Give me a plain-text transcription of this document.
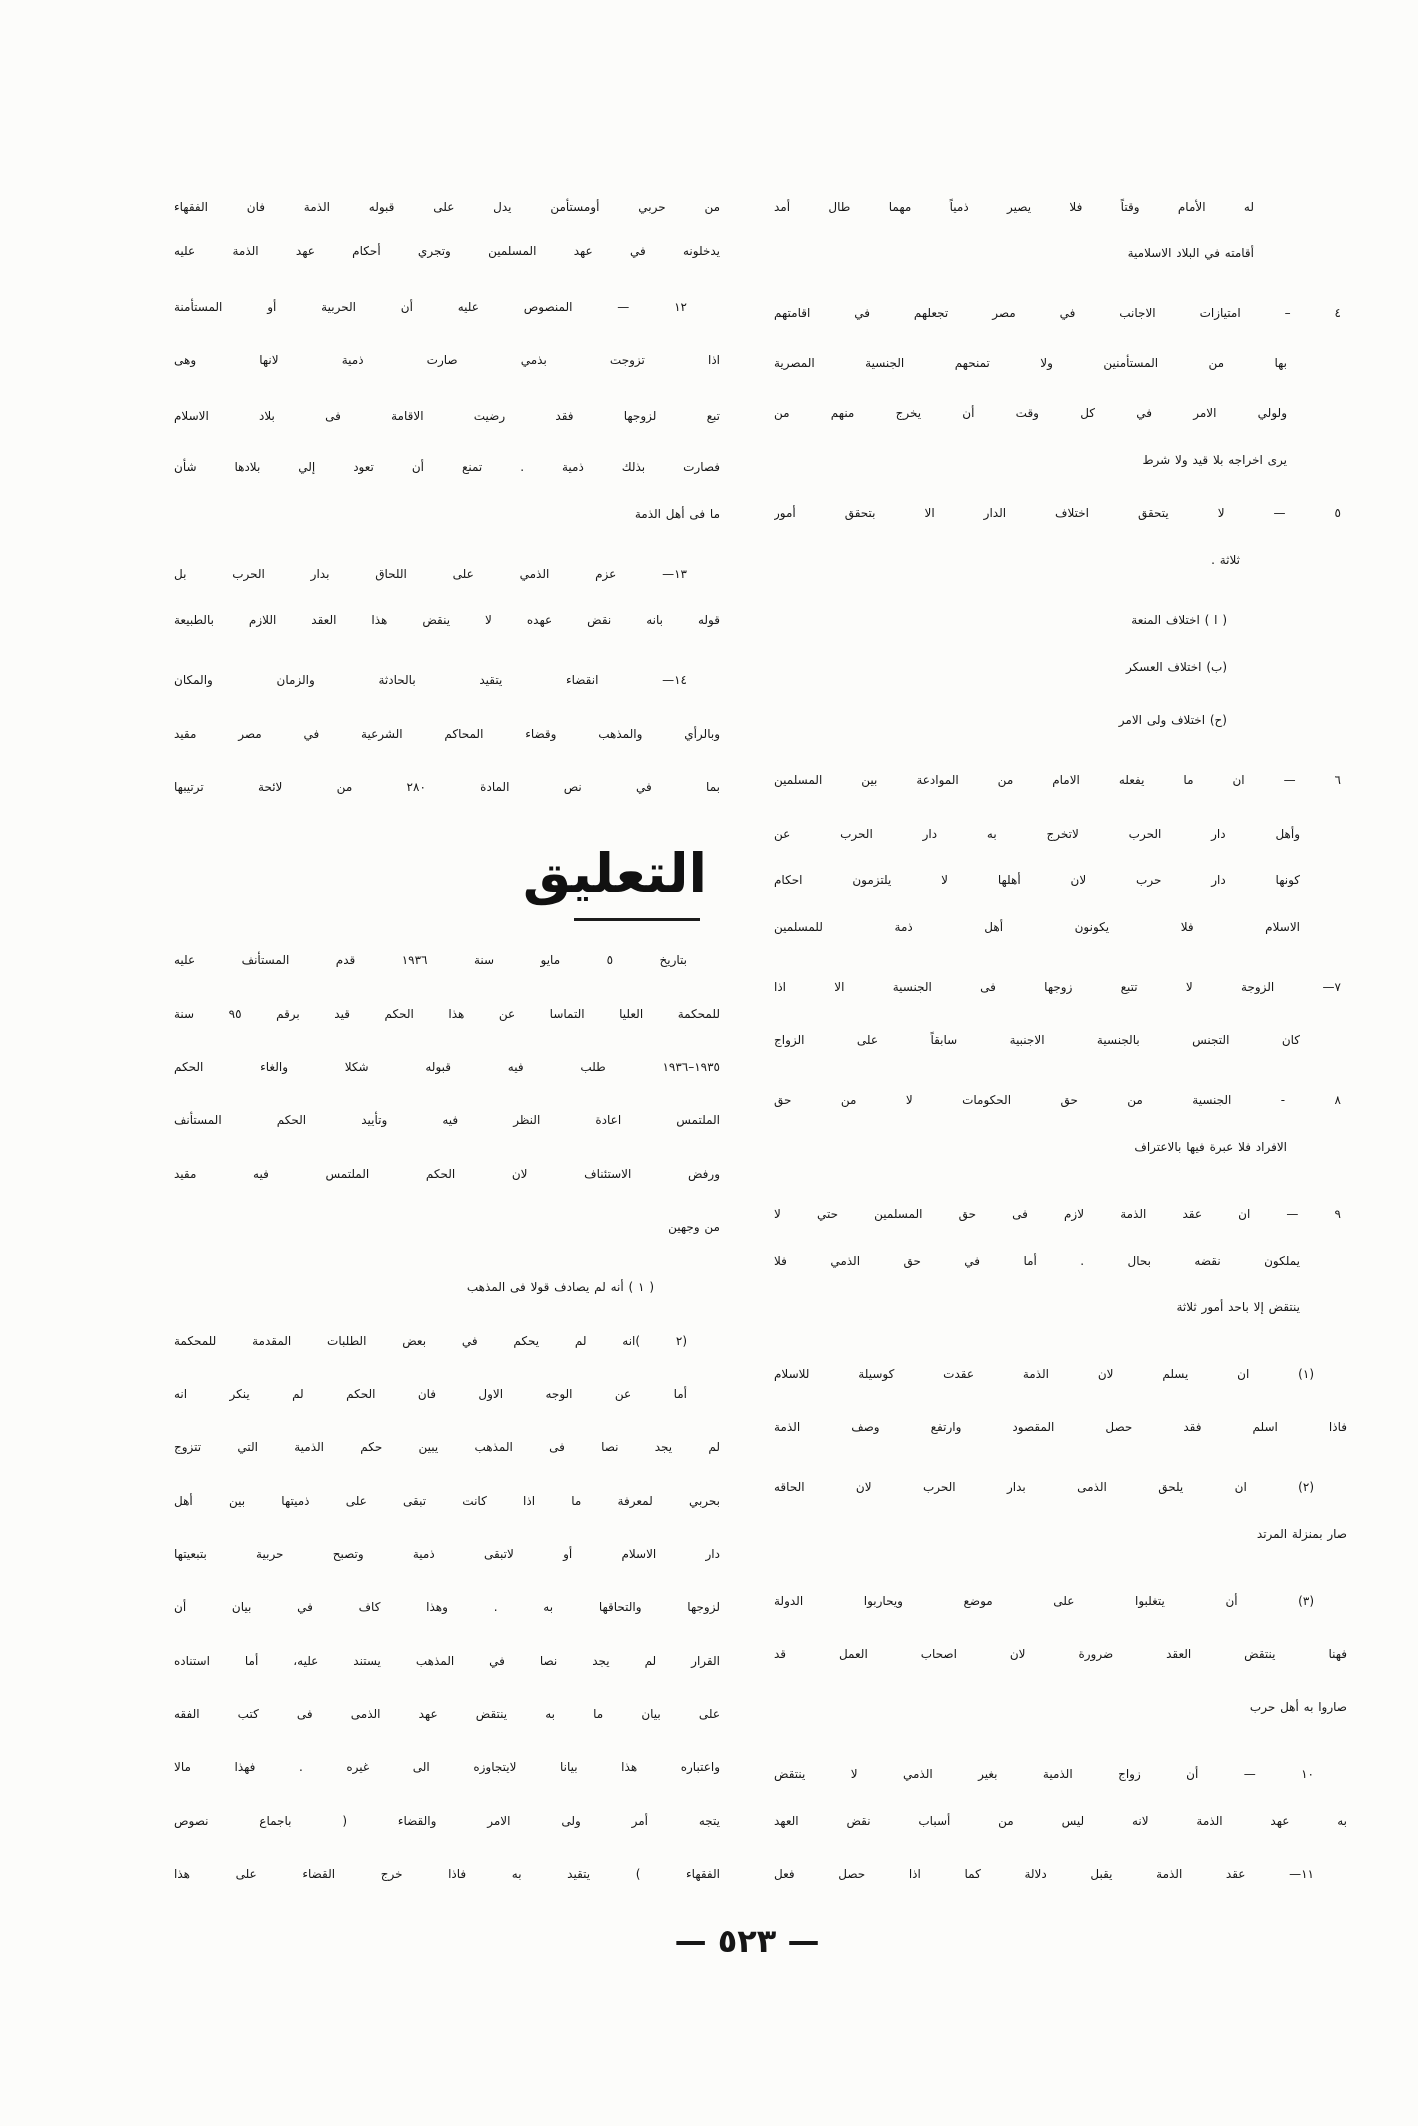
له الأمام وقتاً فلا يصير ذمياً مهما طال أمد
أقامته في البلاد الاسلامية
٤ – امتيازات الاجانب في مصر تجعلهم في اقامتهم
بها من المستأمنين ولا تمنحهم الجنسية المصرية
ولولي الامر في كل وقت أن يخرج منهم من
يرى اخراجه بلا قيد ولا شرط
٥ — لا يتحقق اختلاف الدار الا بتحقق أمور
ثلاثة .
( ا ) اختلاف المنعة
(ب) اختلاف العسكر
(ح) اختلاف ولى الامر
٦ — ان ما يفعله الامام من الموادعة بين المسلمين
وأهل دار الحرب لاتخرج به دار الحرب عن
كونها دار حرب لان أهلها لا يلتزمون احكام
الاسلام فلا يكونون أهل ذمة للمسلمين
٧— الزوجة لا تتبع زوجها فى الجنسية الا اذا
كان التجنس بالجنسية الاجنبية سابقاً على الزواج
٨ - الجنسية من حق الحكومات لا من حق
الافراد فلا عبرة فيها بالاعتراف
٩ — ان عقد الذمة لازم فى حق المسلمين حتي لا
يملكون نقضه بحال . أما في حق الذمي فلا
ينتقض إلا باحد أمور ثلاثة
(١) ان يسلم لان الذمة عقدت كوسيلة للاسلام
فاذا اسلم فقد حصل المقصود وارتفع وصف الذمة
(٢) ان يلحق الذمى بدار الحرب لان الحاقه
صار بمنزلة المرتد
(٣) أن يتغلبوا على موضع ويحاربوا الدولة
فهنا ينتقض العقد ضرورة لان اصحاب العمل قد
صاروا به أهل حرب
١٠ — أن زواج الذمية بغير الذمي لا ينتقض
به عهد الذمة لانه ليس من أسباب نقض العهد
١١— عقد الذمة يقبل دلالة كما اذا حصل فعل
من حربي أومستأمن يدل على قبوله الذمة فان الفقهاء
يدخلونه في عهد المسلمين وتجري أحكام عهد الذمة عليه
١٢ — المنصوص عليه أن الحربية أو المستأمنة
اذا تزوجت بذمي صارت ذمية لانها وهى
تبع لزوجها فقد رضيت الاقامة فى بلاد الاسلام
فصارت بذلك ذمية . تمنع أن تعود إلي بلادها شأن
ما فى أهل الذمة
١٣— عزم الذمي على اللحاق بدار الحرب بل
قوله بانه نقض عهده لا ينقض هذا العقد اللازم بالطبيعة
١٤— انقضاء يتقيد بالحادثة والزمان والمكان
وبالرأي والمذهب وقضاء المحاكم الشرعية في مصر مقيد
بما في نص المادة ٢٨٠ من لائحة ترتيبها
التعليق
بتاريخ ٥ مايو سنة ١٩٣٦ قدم المستأنف عليه
للمحكمة العليا التماسا عن هذا الحكم قيد برقم ٩٥ سنة
١٩٣٥–١٩٣٦ طلب فيه قبوله شكلا والغاء الحكم
الملتمس اعادة النظر فيه وتأييد الحكم المستأنف
ورفض الاستئناف لان الحكم الملتمس فيه مقيد
من وجهين
( ١ ) أنه لم يصادف قولا فى المذهب
(٢ )انه لم يحكم في بعض الطلبات المقدمة للمحكمة
أما عن الوجه الاول فان الحكم لم ينكر انه
لم يجد نصا فى المذهب يبين حكم الذمية التي تتزوج
بحربي لمعرفة ما اذا كانت تبقى على ذميتها بين أهل
دار الاسلام أو لاتبقى ذمية وتصبح حربية بتبعيتها
لزوجها والتحاقها به . وهذا كاف في بيان أن
القرار لم يجد نصا في المذهب يستند عليه، أما استناده
على بيان ما به ينتقض عهد الذمى فى كتب الفقه
واعتباره هذا بيانا لايتجاوزه الى غيره . فهذا مالا
يتجه أمر ولى الامر والقضاء ( باجماع نصوص
الفقهاء ) يتقيد به فاذا خرج القضاء على هذا
— ٥٢٣ —
